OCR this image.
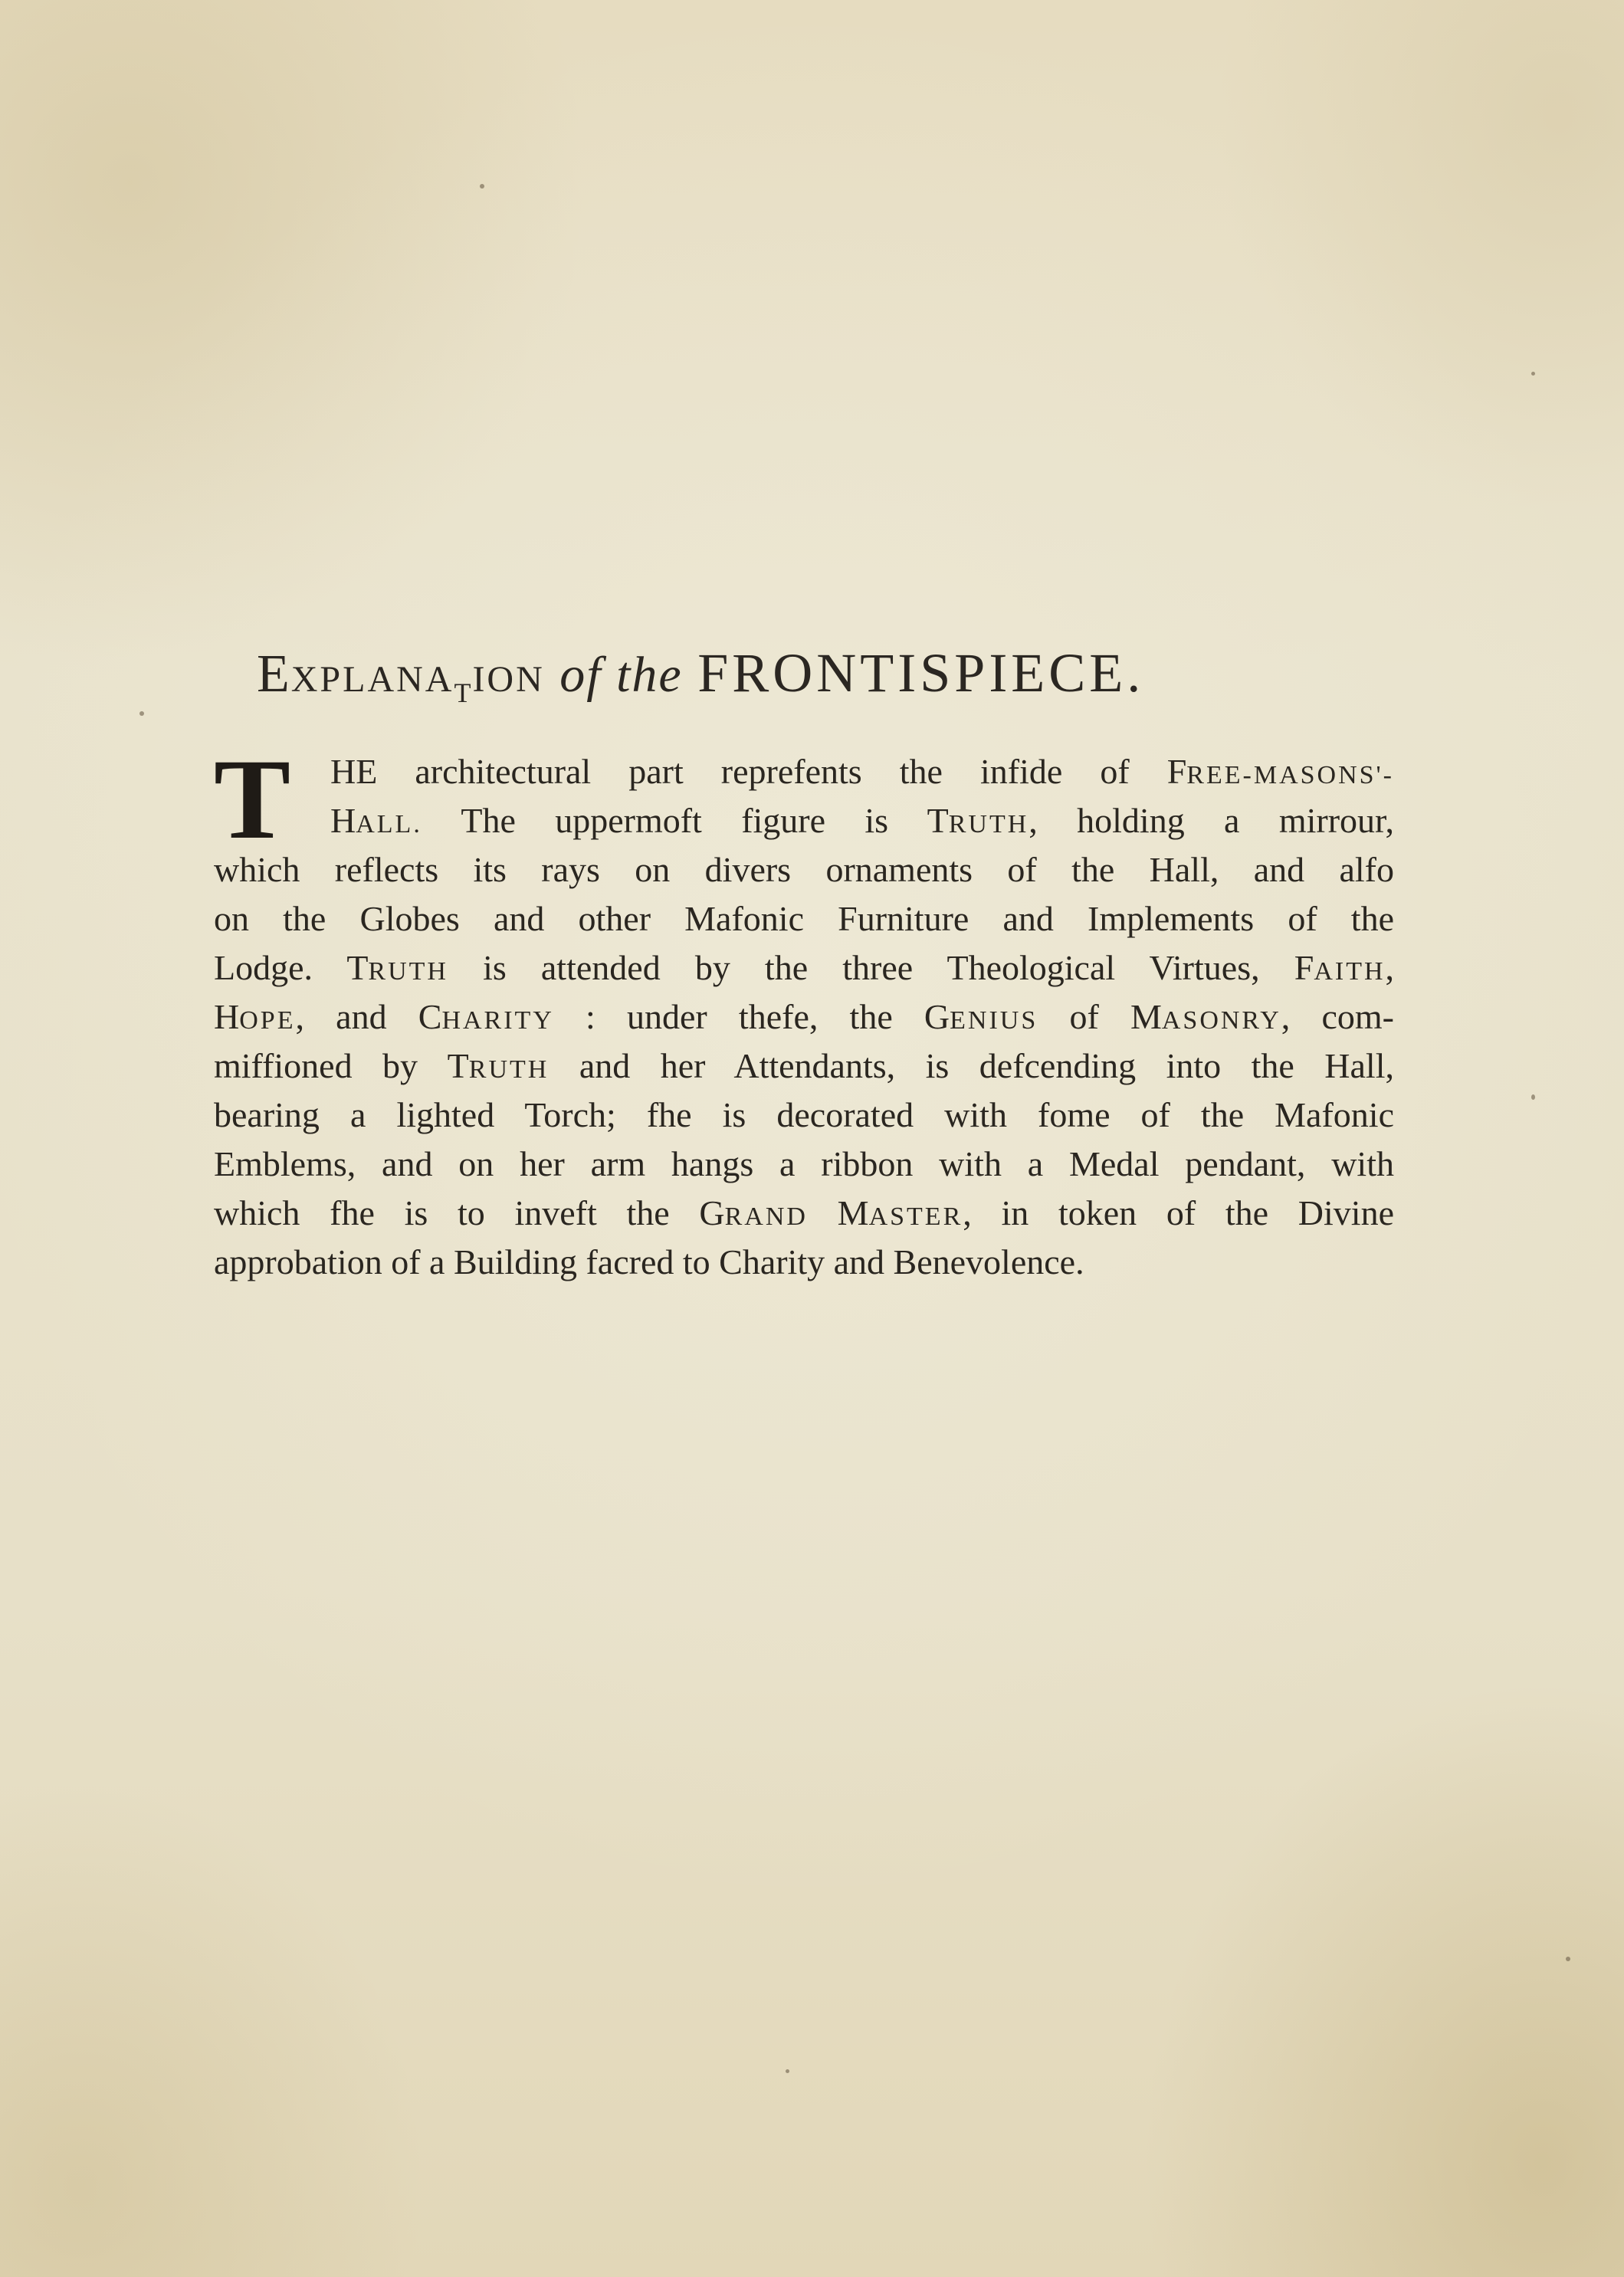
$EXPLANA_TION$ of the FRONTISPIECE.
T	HE architectural part reprefents the infide of FREE-MASONS'-
HALL. The uppermoft figure is TRUTH, holding a mirrour,
which reflects its rays on divers ornaments of the Hall, and alfo
on the Globes and other Mafonic Furniture and Implements of the
Lodge. TRUTH is attended by the three Theological Virtues, FAITH,
HOPE, and CHARITY : under thefe, the GENIUS of MASONRY, com-
miffioned by TRUTH and her Attendants, is defcending into the Hall,
bearing a lighted Torch; fhe is decorated with fome of the Mafonic
Emblems, and on her arm hangs a ribbon with a Medal pendant, with
which fhe is to inveft the GRAND MASTER, in token of the Divine
approbation of a Building facred to Charity and Benevolence.
